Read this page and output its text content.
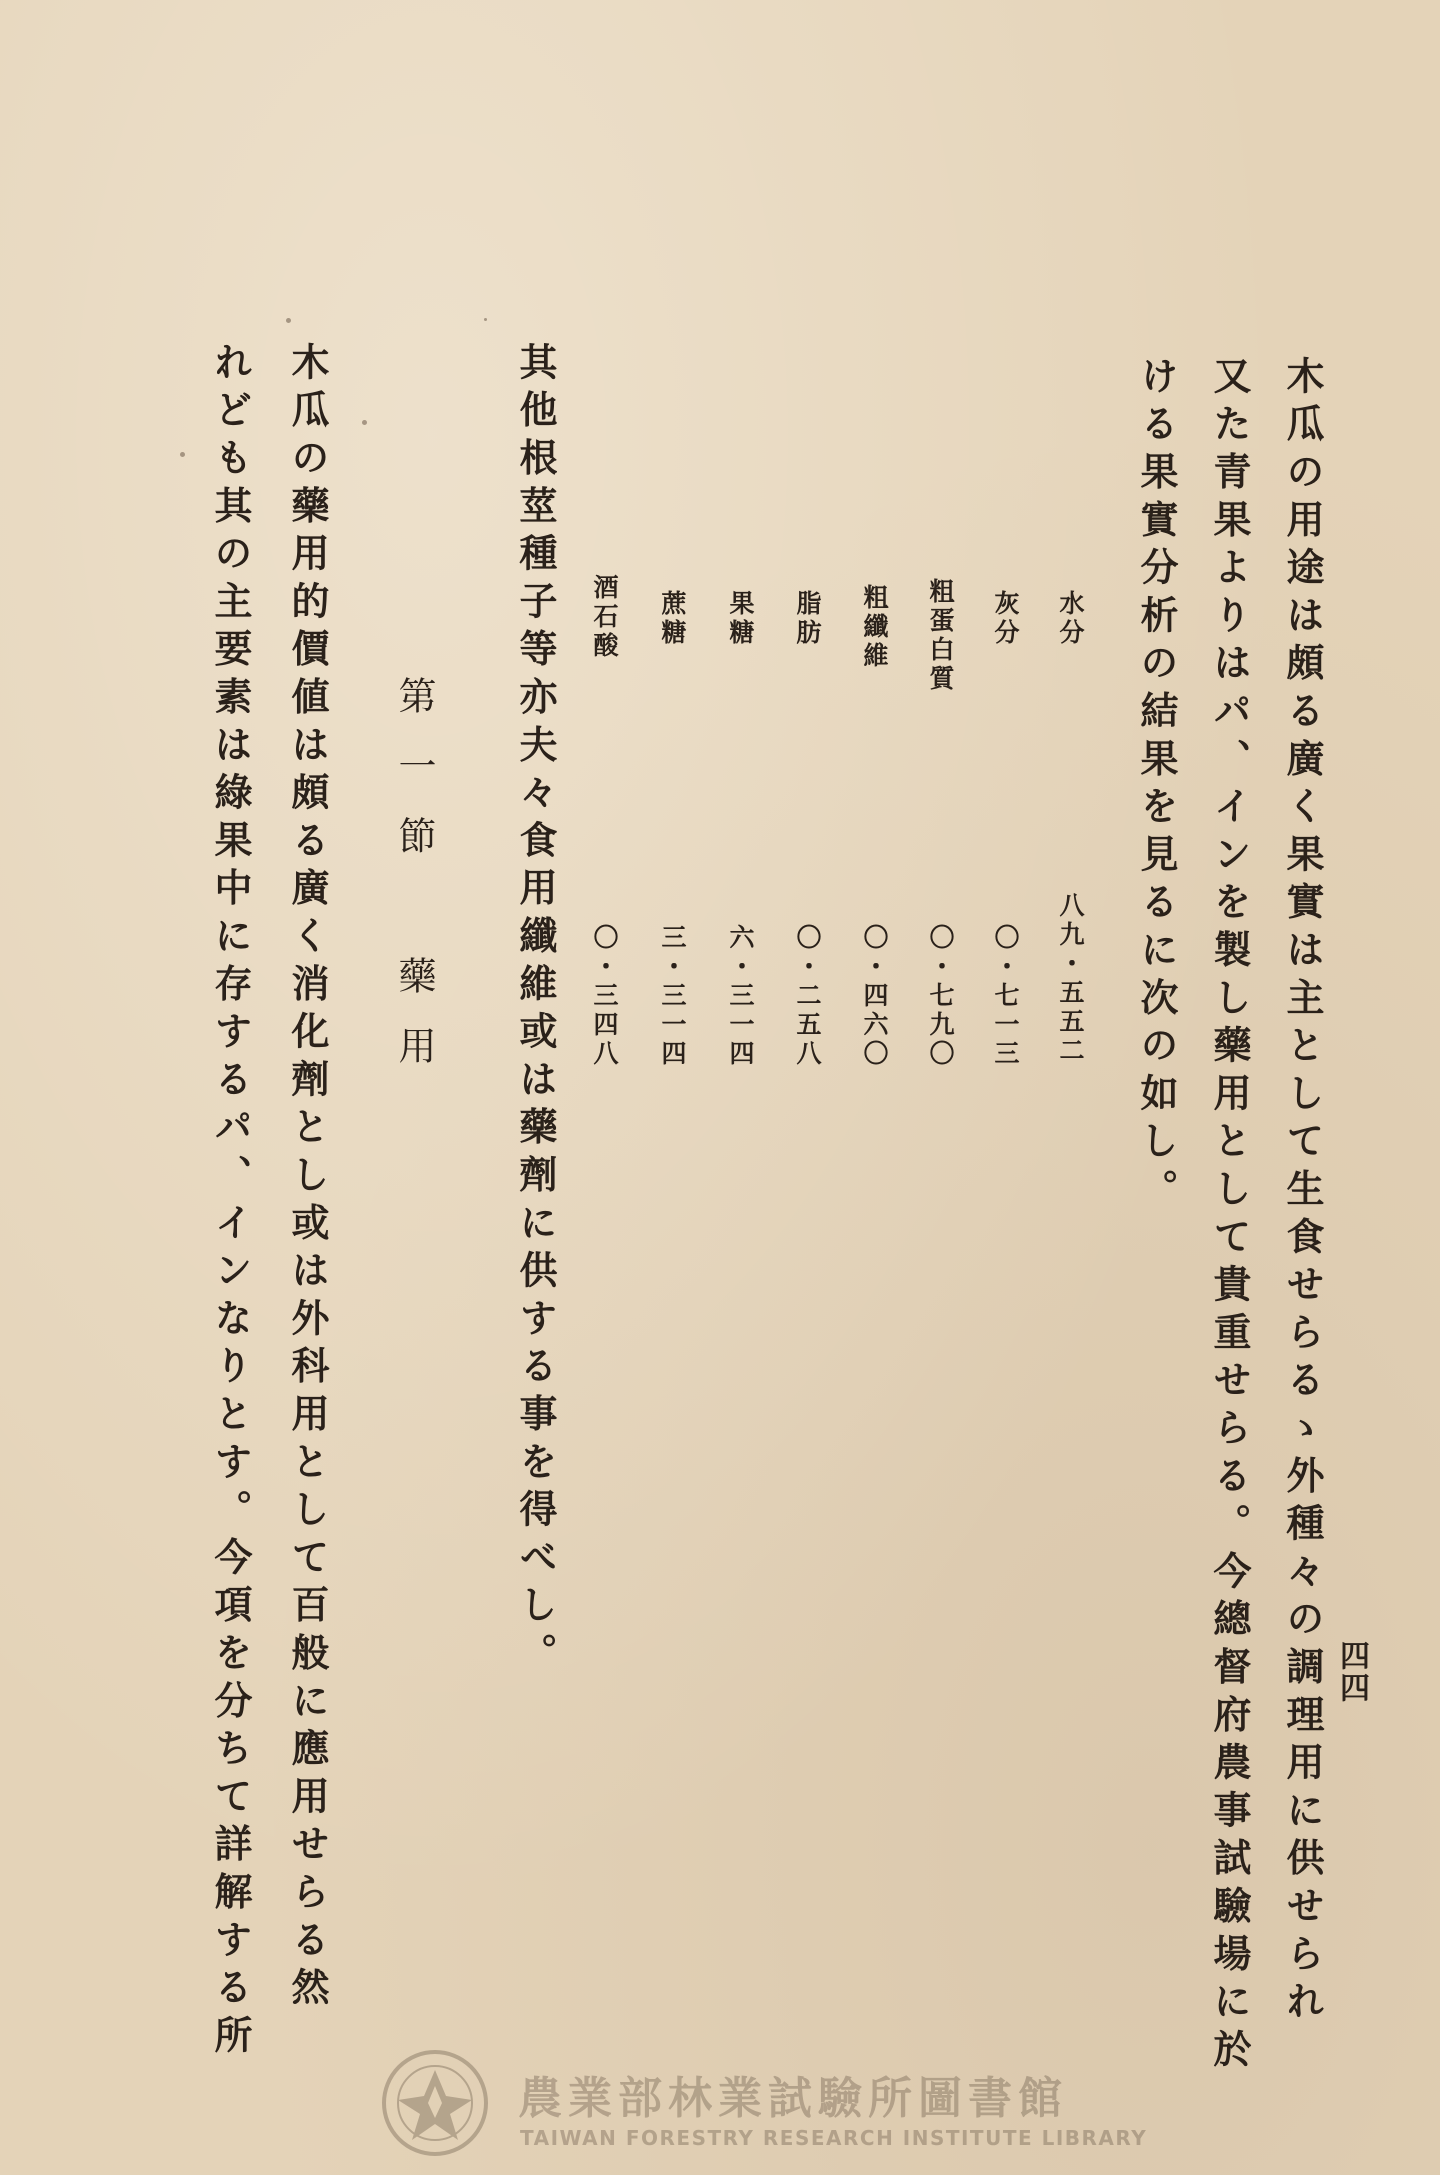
四四
木瓜の用途は頗る廣く果實は主として生食せらるゝ外種々の調理用に供せられ
又た青果よりはパ、インを製し藥用として貴重せらる。今總督府農事試驗場に於
ける果實分析の結果を見るに次の如し。
水分
灰分
粗蛋白質
粗纖維
脂肪
果糖
蔗糖
酒石酸
八九・五五二
〇・七一三
〇・七九〇
〇・四六〇
〇・二五八
六・三一四
三・三一四
〇・三四八
其他根莖種子等亦夫々食用纖維或は藥劑に供する事を得べし。
第一節　藥用
木瓜の藥用的價値は頗る廣く消化劑とし或は外科用として百般に應用せらる然
れども其の主要素は綠果中に存するパ、インなりとす。今項を分ちて詳解する所
農業部林業試驗所圖書館
TAIWAN FORESTRY RESEARCH INSTITUTE LIBRARY
